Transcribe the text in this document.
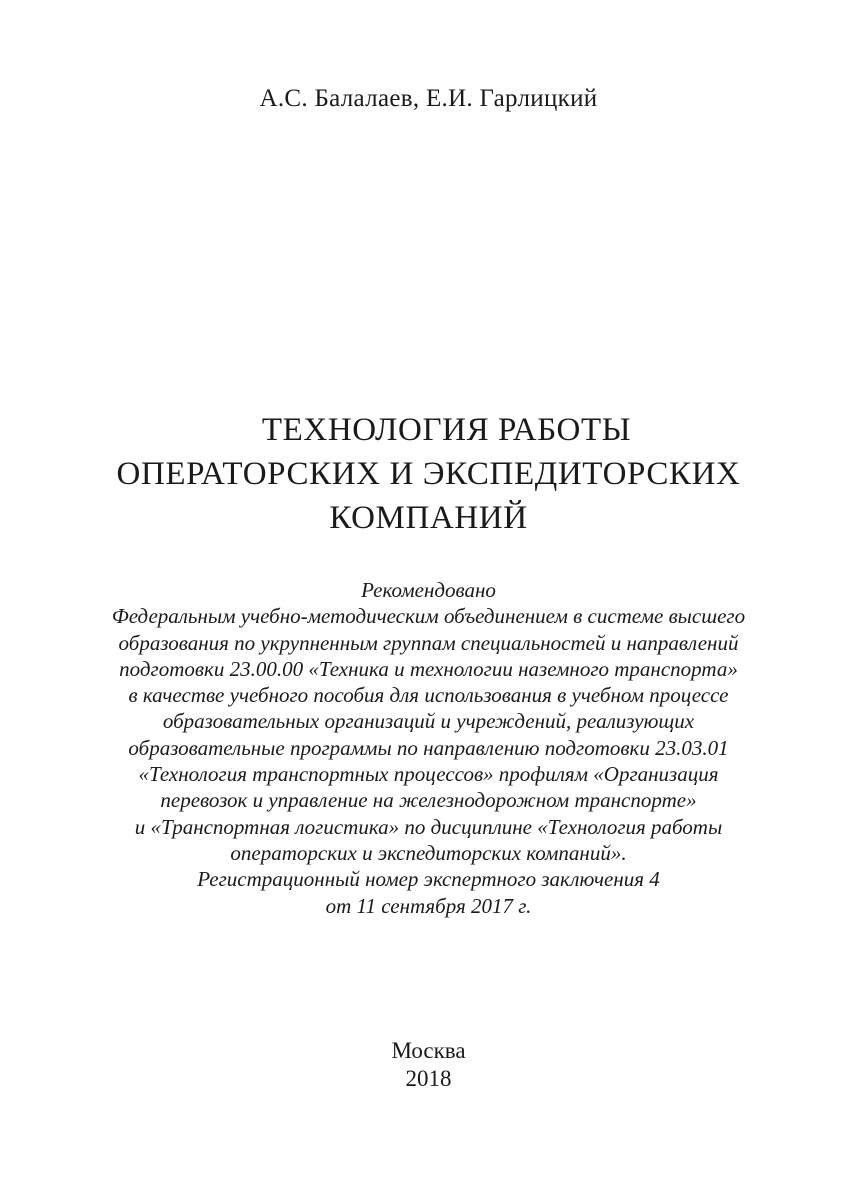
А.С. Балалаев, Е.И. Гарлицкий
ТЕХНОЛОГИЯ РАБОТЫ
ОПЕРАТОРСКИХ И ЭКСПЕДИТОРСКИХ
КОМПАНИЙ
Рекомендовано
Федеральным учебно-методическим объединением в системе высшего
образования по укрупненным группам специальностей и направлений
подготовки 23.00.00 «Техника и технологии наземного транспорта»
в качестве учебного пособия для использования в учебном процессе
образовательных организаций и учреждений, реализующих
образовательные программы по направлению подготовки 23.03.01
«Технология транспортных процессов» профилям «Организация
перевозок и управление на железнодорожном транспорте»
и «Транспортная логистика» по дисциплине «Технология работы
операторских и экспедиторских компаний».
Регистрационный номер экспертного заключения 4
от 11 сентября 2017 г.
Москва
2018
